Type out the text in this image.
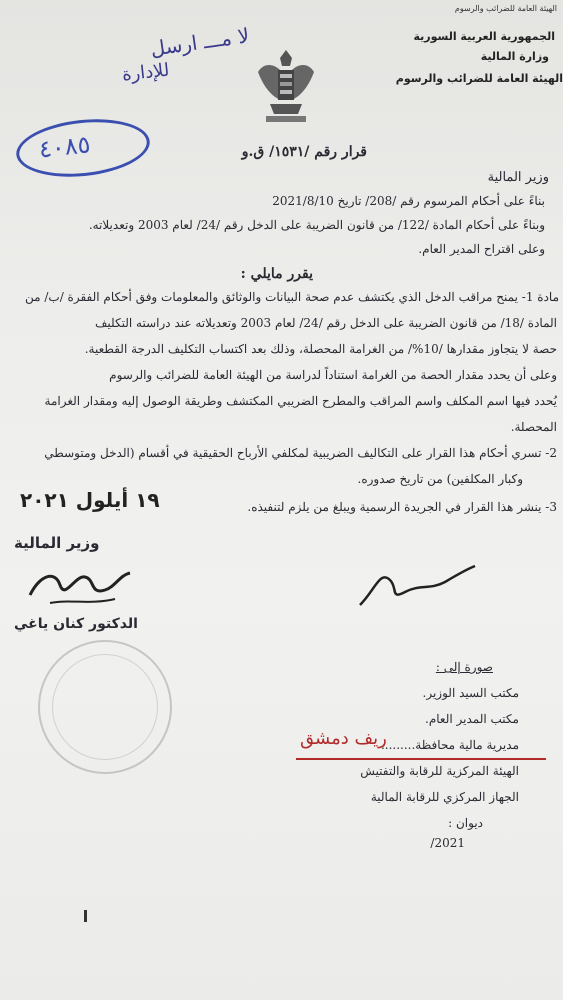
الهيئة العامة للضرائب والرسوم
الجمهورية العربية السورية
وزارة المالية
الهيئة العامة للضرائب والرسوم
لا مـــ ارسل
للإدارة
٤٠٨٥	قرار رقم /١٥٣١/ ق.و
وزير المالية
بناءً على أحكام المرسوم رقم /208/ تاريخ 2021/8/10
وبناءً على أحكام المادة /122/ من قانون الضريبة على الدخل رقم /24/ لعام 2003 وتعديلاته.
وعلى اقتراح المدير العام.
يقرر مايلي :
مادة 1- يمنح مراقب الدخل الذي يكتشف عدم صحة البيانات والوثائق والمعلومات وفق أحكام الفقرة /ب/ من
المادة /18/ من قانون الضريبة على الدخل رقم /24/ لعام 2003 وتعديلاته عند دراسته التكليف
حصة لا يتجاوز مقدارها /10%/ من الغرامة المحصلة، وذلك بعد اكتساب التكليف الدرجة القطعية.
وعلى أن يحدد مقدار الحصة من الغرامة استناداً لدراسة من الهيئة العامة للضرائب والرسوم
يُحدد فيها اسم المكلف واسم المراقب والمطرح الضريبي المكتشف وطريقة الوصول إليه ومقدار الغرامة
المحصلة.
2- تسري أحكام هذا القرار على التكاليف الضريبية لمكلفي الأرباح الحقيقية في أقسام (الدخل ومتوسطي
وكبار المكلفين) من تاريخ صدوره.
١٩ أيلول ٢٠٢١	3- ينشر هذا القرار في الجريدة الرسمية ويبلغ من يلزم لتنفيذه.
وزير المالية
الدكتور كنان ياغي
صورة إلى :
مكتب السيد الوزير.
مكتب المدير العام.
مديرية مالية محافظة.........
ريف دمشق
الهيئة المركزية للرقابة والتفتيش
الجهاز المركزي للرقابة المالية
ديوان :
2021/
